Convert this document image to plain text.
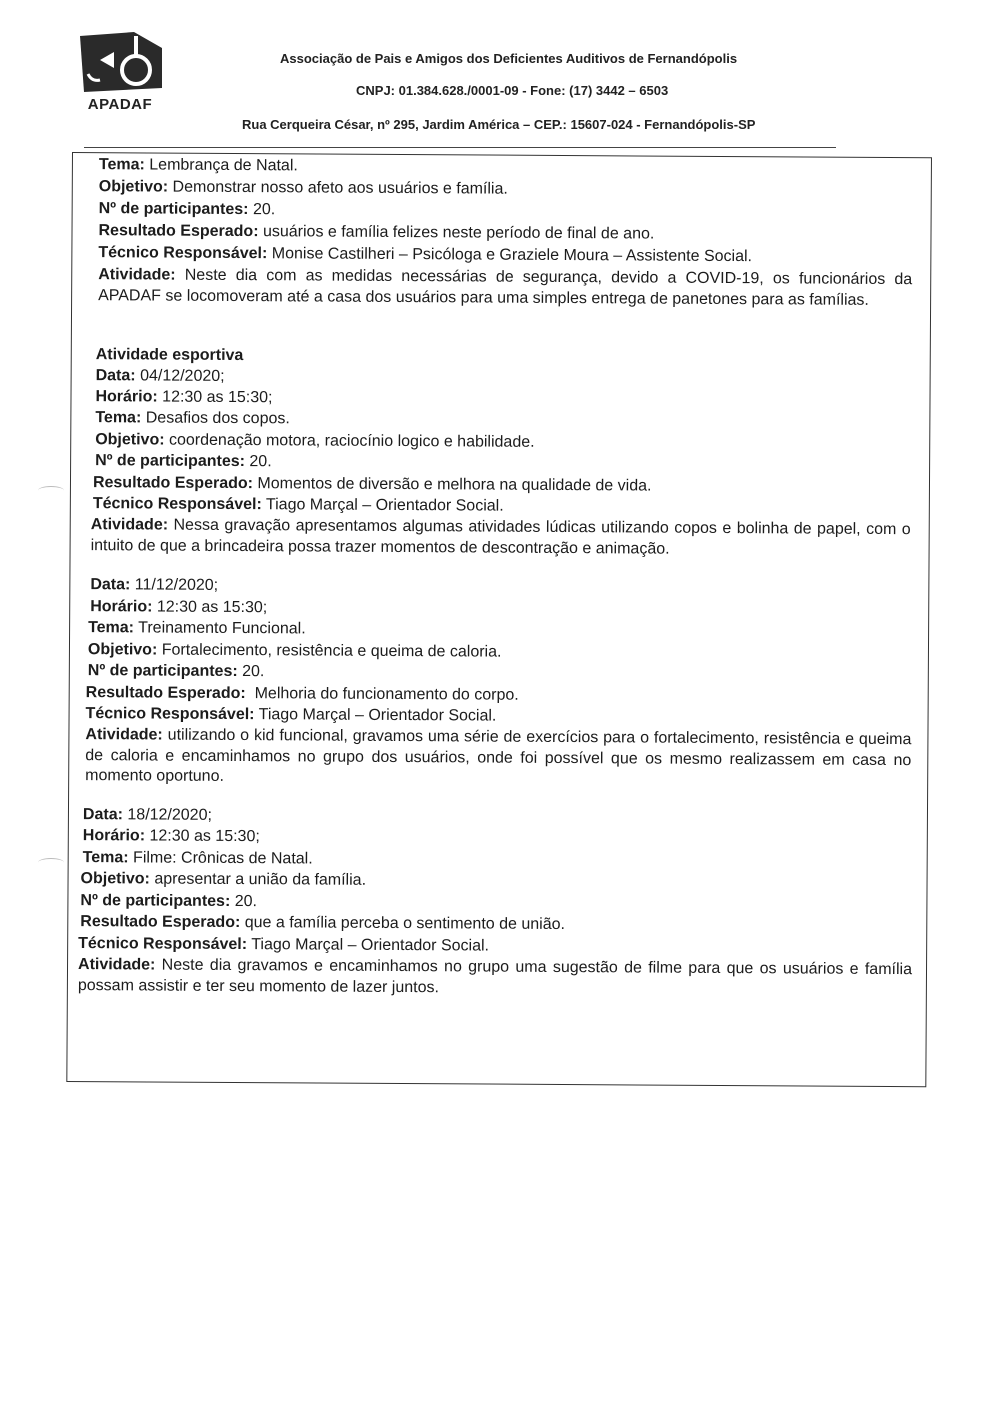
APADAF
Associação de Pais e Amigos dos Deficientes Auditivos de Fernandópolis
CNPJ: 01.384.628./0001-09 - Fone: (17) 3442 – 6503
Rua Cerqueira César, nº 295, Jardim América – CEP.: 15607-024 - Fernandópolis-SP
Tema: Lembrança de Natal.
Objetivo: Demonstrar nosso afeto aos usuários e família.
Nº de participantes: 20.
Resultado Esperado: usuários e família felizes neste período de final de ano.
Técnico Responsável: Monise Castilheri – Psicóloga e Graziele Moura – Assistente Social.
Atividade: Neste dia com as medidas necessárias de segurança, devido a COVID-19, os funcionários da APADAF se locomoveram até a casa dos usuários para uma simples entrega de panetones para as famílias.
Atividade esportiva
Data: 04/12/2020;
Horário: 12:30 as 15:30;
Tema: Desafios dos copos.
Objetivo: coordenação motora, raciocínio logico e habilidade.
Nº de participantes: 20.
Resultado Esperado: Momentos de diversão e melhora na qualidade de vida.
Técnico Responsável: Tiago Marçal – Orientador Social.
Atividade: Nessa gravação apresentamos algumas atividades lúdicas utilizando copos e bolinha de papel, com o intuito de que a brincadeira possa trazer momentos de descontração e animação.
Data: 11/12/2020;
Horário: 12:30 as 15:30;
Tema: Treinamento Funcional.
Objetivo: Fortalecimento, resistência e queima de caloria.
Nº de participantes: 20.
Resultado Esperado: Melhoria do funcionamento do corpo.
Técnico Responsável: Tiago Marçal – Orientador Social.
Atividade: utilizando o kid funcional, gravamos uma série de exercícios para o fortalecimento, resistência e queima de caloria e encaminhamos no grupo dos usuários, onde foi possível que os mesmo realizassem em casa no momento oportuno.
Data: 18/12/2020;
Horário: 12:30 as 15:30;
Tema: Filme: Crônicas de Natal.
Objetivo: apresentar a união da família.
Nº de participantes: 20.
Resultado Esperado: que a família perceba o sentimento de união.
Técnico Responsável: Tiago Marçal – Orientador Social.
Atividade: Neste dia gravamos e encaminhamos no grupo uma sugestão de filme para que os usuários e família possam assistir e ter seu momento de lazer juntos.
